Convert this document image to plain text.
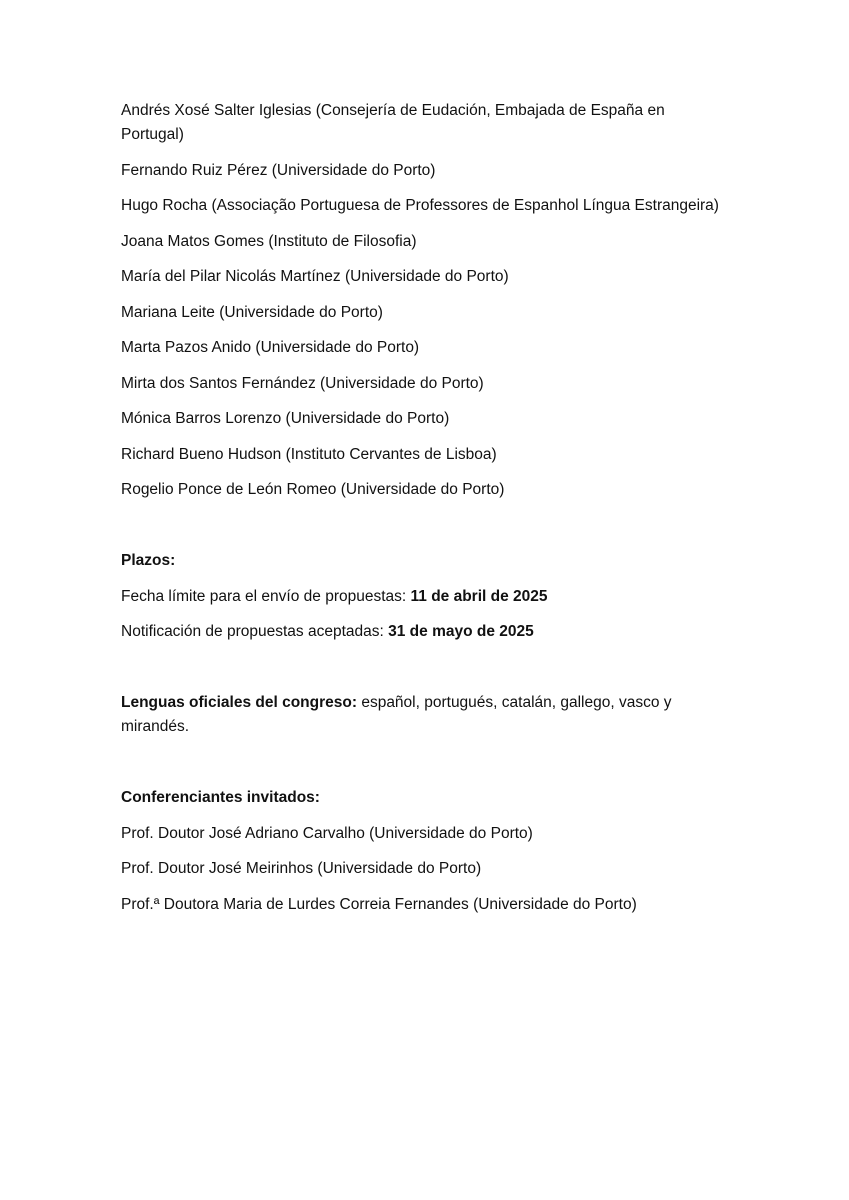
Andrés Xosé Salter Iglesias (Consejería de Eudación, Embajada de España en Portugal)

Fernando Ruiz Pérez (Universidade do Porto)

Hugo Rocha (Associação Portuguesa de Professores de Espanhol Língua Estrangeira)

Joana Matos Gomes (Instituto de Filosofia)

María del Pilar Nicolás Martínez (Universidade do Porto)

Mariana Leite (Universidade do Porto)

Marta Pazos Anido (Universidade do Porto)

Mirta dos Santos Fernández (Universidade do Porto)

Mónica Barros Lorenzo (Universidade do Porto)

Richard Bueno Hudson (Instituto Cervantes de Lisboa)

Rogelio Ponce de León Romeo (Universidade do Porto)

Plazos:

Fecha límite para el envío de propuestas: 11 de abril de 2025

Notificación de propuestas aceptadas: 31 de mayo de 2025

Lenguas oficiales del congreso: español, portugués, catalán, gallego, vasco y mirandés.

Conferenciantes invitados:

Prof. Doutor José Adriano Carvalho (Universidade do Porto)

Prof. Doutor José Meirinhos (Universidade do Porto)

Prof.ª Doutora Maria de Lurdes Correia Fernandes (Universidade do Porto)
